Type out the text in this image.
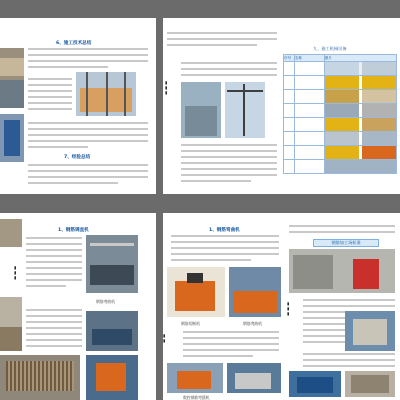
6、施工技术总结
7、经验总结
▮
▮
▮
九、施工机械设备
序号	名称	照片

1、钢筋调直机
▮
▮
▮
钢筋弯曲机
1、钢筋弯曲机
钢筋切断机	钢筋弯曲机
▮
▮
数控钢筋弯箍机
钢筋加工场标准
▮
▮
▮
